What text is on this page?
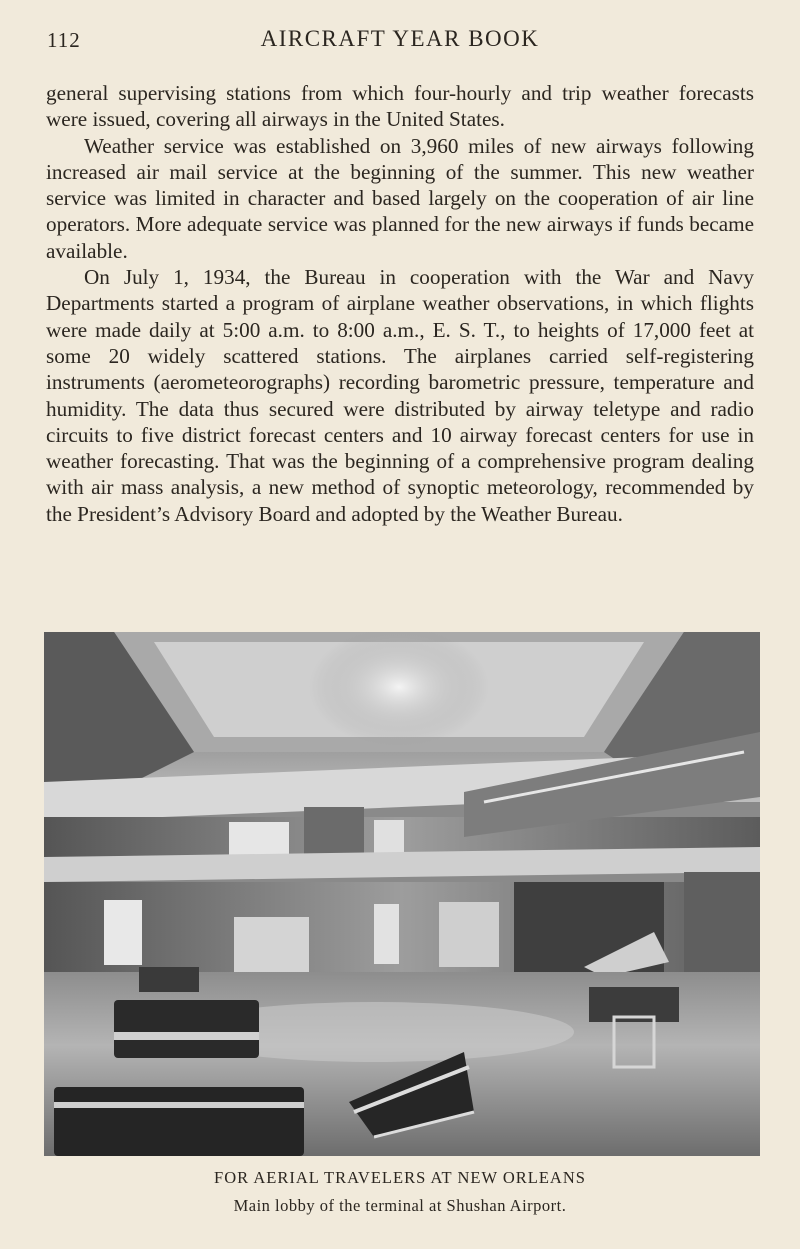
112	AIRCRAFT YEAR BOOK

general supervising stations from which four-hourly and trip weather forecasts were issued, covering all airways in the United States.

Weather service was established on 3,960 miles of new airways following increased air mail service at the beginning of the summer. This new weather service was limited in character and based largely on the cooperation of air line operators. More adequate service was planned for the new airways if funds became available.

On July 1, 1934, the Bureau in cooperation with the War and Navy Departments started a program of airplane weather observations, in which flights were made daily at 5:00 a.m. to 8:00 a.m., E. S. T., to heights of 17,000 feet at some 20 widely scattered stations. The airplanes carried self-registering instruments (aerometeorographs) recording barometric pressure, temperature and humidity. The data thus secured were distributed by airway teletype and radio circuits to five district forecast centers and 10 airway forecast centers for use in weather forecasting. That was the beginning of a comprehensive program dealing with air mass analysis, a new method of synoptic meteorology, recommended by the President’s Advisory Board and adopted by the Weather Bureau.

FOR AERIAL TRAVELERS AT NEW ORLEANS
Main lobby of the terminal at Shushan Airport.
